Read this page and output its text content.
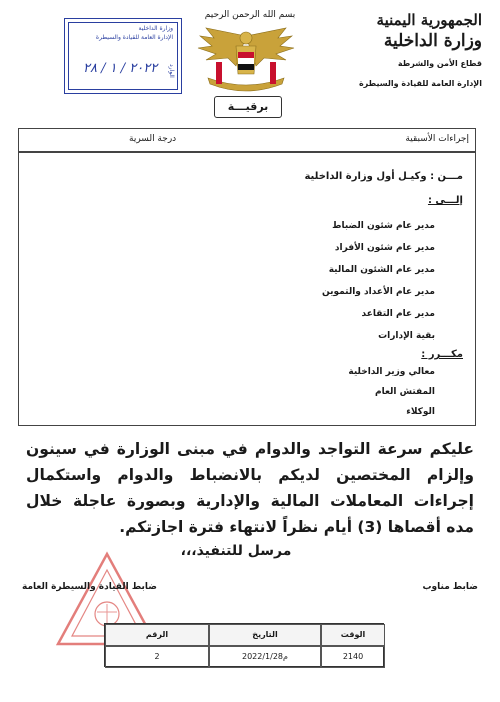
الجمهورية اليمنية
وزارة الداخلية
قطاع الأمن والشرطة
الإدارة العامة للقيادة والسيطرة
بسم الله الرحمن الرحيم
وزارة الداخلية
الإدارة العامة للقيادة والسيطرة
٢٠٢٢ / ١ / ٢٨ الوارد
برقيـــة
درجة السرية	إجراءات الأسبقية
مـــن : وكيـل أول وزارة الداخلية
إلـــى :
مدير عام شئون الضباط
مدير عام شئون الأفراد
مدير عام الشئون المالية
مدير عام الأعداد والتموين
مدير عام التقاعد
بقية الإدارات
مكـــرر :
معالي وزير الداخلية
المفتش العام
الوكلاء
عليكم سرعة التواجد والدوام في مبنى الوزارة في سينون وإلزام المختصين لديكم بالانضباط والدوام واستكمال إجراءات المعاملات المالية والإدارية وبصورة عاجلة خلال مده أقصاها (3) أيام نظراً لانتهاء فترة اجازتكم.
مرسل للتنفيذ،،،
ضابط القيادة والسيطرة العامة	ضابط مناوب
الرقم	التاريخ	الوقت
2	2022/1/28م	2140
